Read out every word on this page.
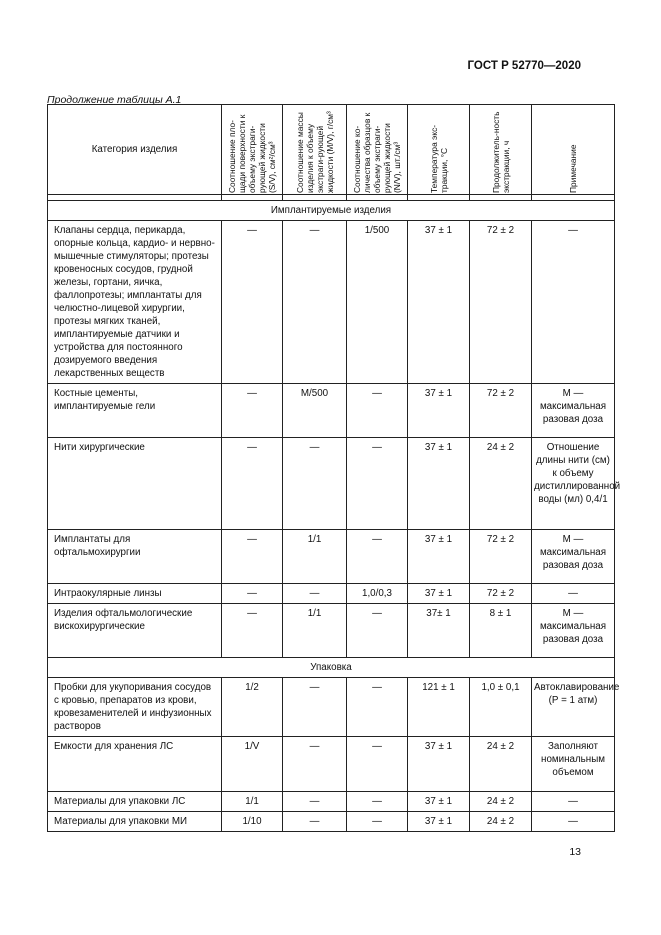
ГОСТ Р 52770—2020
Продолжение таблицы А.1
Категория изделия	Соотношение пло-щади поверхности к объему экстраги-рующей жидкости (S/V), см²/см³	Соотношение массы изделия к объему экстраги-рующей жидкости (M/V), г/см³	Соотношение ко-личества образцов к объему экстраги-рующей жидкости (N/V), шт./см³	Температура экс-тракции, °С	Продолжитель-ность экстракции, ч	Примечание

Имплантируемые изделия						
Клапаны сердца, перикарда, опорные кольца, кардио- и нервно-мышечные стимуляторы; протезы кровеносных сосудов, грудной железы, гортани, яичка, фаллопротезы; имплантаты для челюстно-лицевой хирургии, протезы мягких тканей, имплантируемые датчики и устройства для постоянного дозируемого введения лекарственных веществ	—	—	1/500	37 ± 1	72 ± 2	—
Костные цементы, имплантируемые гели	—	M/500	—	37 ± 1	72 ± 2	М — максимальная разовая доза
Нити хирургические	—	—	—	37 ± 1	24 ± 2	Отношение длины нити (см) к объему дистиллированной воды (мл) 0,4/1
Имплантаты для офтальмохирургии	—	1/1	—	37 ± 1	72 ± 2	М — максимальная разовая доза
Интраокулярные линзы	—	—	1,0/0,3	37 ± 1	72 ± 2	—
Изделия офтальмологические вискохирургические	—	1/1	—	37± 1	8 ± 1	М — максимальная разовая доза
Упаковка						
Пробки для укупоривания сосудов с кровью, препаратов из крови, кровезаменителей и инфузионных растворов	1/2	—	—	121 ± 1	1,0 ± 0,1	Автоклавирование (Р = 1 атм)
Емкости для хранения ЛС	1/V	—	—	37 ± 1	24 ± 2	Заполняют номинальным объемом
Материалы для упаковки ЛС	1/1	—	—	37 ± 1	24 ± 2	—
Материалы для упаковки МИ	1/10	—	—	37 ± 1	24 ± 2	—
13
